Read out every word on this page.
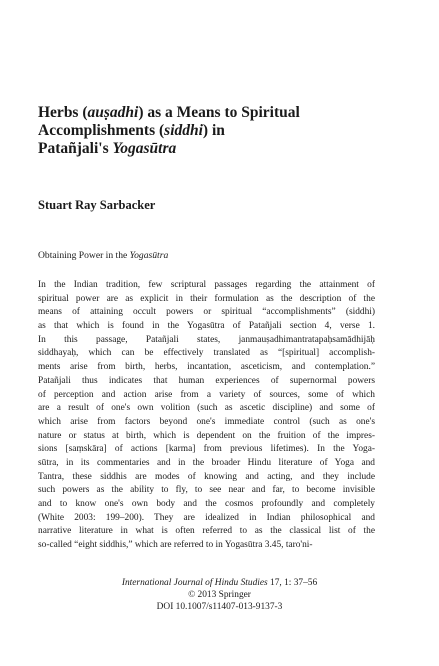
Herbs (auṣadhi) as a Means to Spiritual
Accomplishments (siddhi) in
Patañjali's Yogasūtra

Stuart Ray Sarbacker

Obtaining Power in the Yogasūtra

In the Indian tradition, few scriptural passages regarding the attainment of
spiritual power are as explicit in their formulation as the description of the
means of attaining occult powers or spiritual “accomplishments” (siddhi)
as that which is found in the Yogasūtra of Patañjali section 4, verse 1.
In this passage, Patañjali states, janmauṣadhimantratapaḥsamādhijāḥ
siddhayaḥ, which can be effectively translated as “[spiritual] accomplish-
ments arise from birth, herbs, incantation, asceticism, and contemplation.”
Patañjali thus indicates that human experiences of supernormal powers
of perception and action arise from a variety of sources, some of which
are a result of one's own volition (such as ascetic discipline) and some of
which arise from factors beyond one's immediate control (such as one's
nature or status at birth, which is dependent on the fruition of the impres-
sions [saṃskāra] of actions [karma] from previous lifetimes). In the Yoga-
sūtra, in its commentaries and in the broader Hindu literature of Yoga and
Tantra, these siddhis are modes of knowing and acting, and they include
such powers as the ability to fly, to see near and far, to become invisible
and to know one's own body and the cosmos profoundly and completely
(White 2003: 199–200). They are idealized in Indian philosophical and
narrative literature in what is often referred to as the classical list of the
so-called “eight siddhis,” which are referred to in Yogasūtra 3.45, taro'ni-
International Journal of Hindu Studies 17, 1: 37–56
© 2013 Springer
DOI 10.1007/s11407-013-9137-3
